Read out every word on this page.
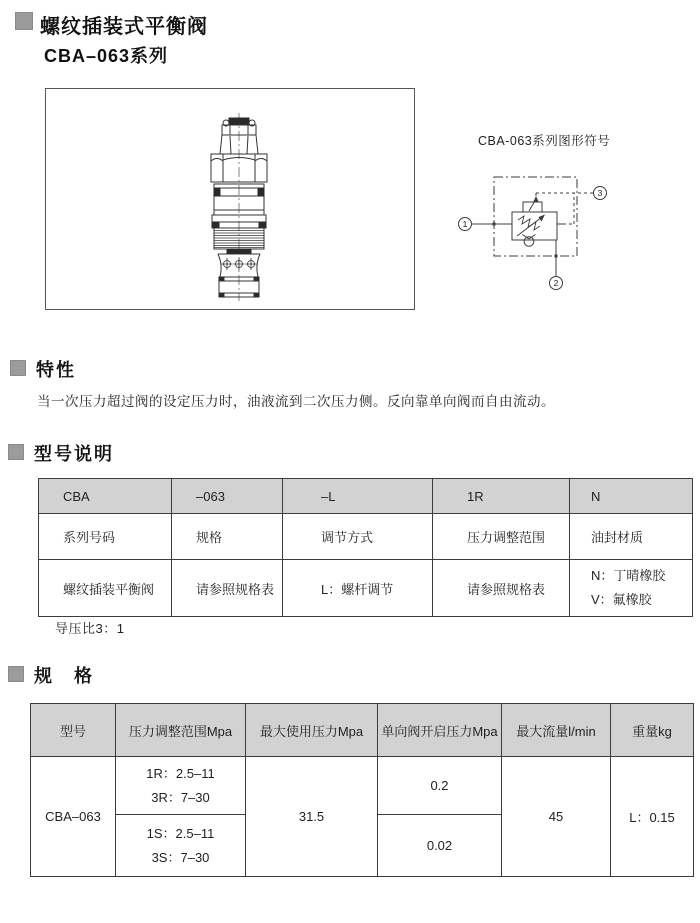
螺纹插装式平衡阀
CBA–063系列
CBA-063系列图形符号
1
2
3
特性
当一次压力超过阀的设定压力时，油液流到二次压力侧。反向靠单向阀而自由流动。
型号说明
CBA	–063	–L	1R	N
系列号码	规格	调节方式	压力调整范围	油封材质
螺纹插装平衡阀	请参照规格表	L：螺杆调节	请参照规格表	N：丁晴橡胶
V：氟橡胶
导压比3：1
规　格
型号	压力调整范围Mpa	最大使用压力Mpa	单向阀开启压力Mpa	最大流量l/min	重量kg
CBA–063	1R：2.5–11
3R：7–30	31.5	0.2	45	L：0.15

	1S：2.5–11
3S：7–30		0.02		
